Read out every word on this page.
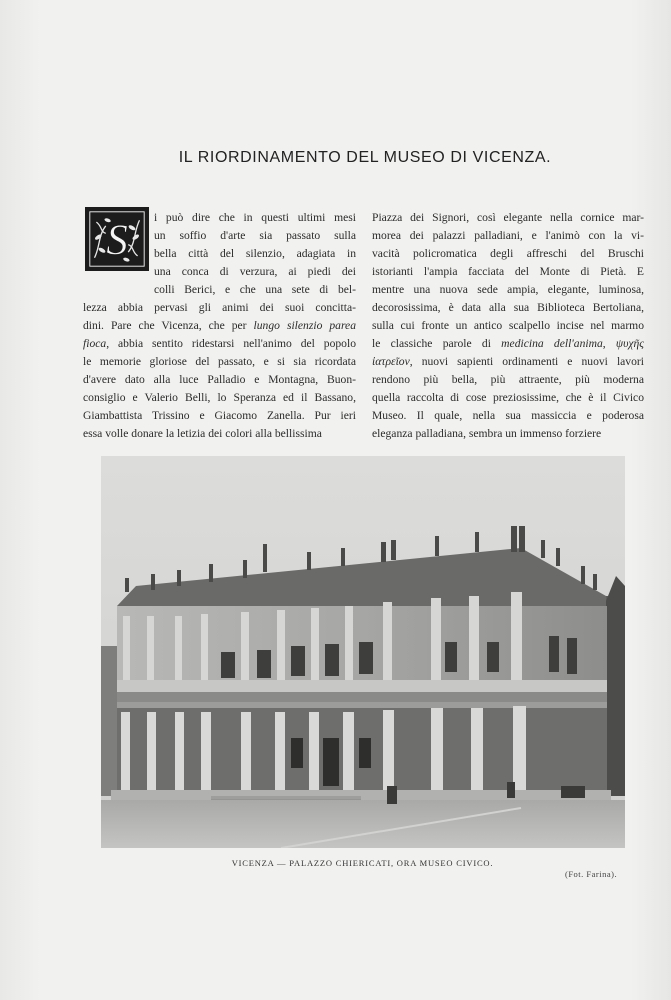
IL RIORDINAMENTO DEL MUSEO DI VICENZA.
S	i può dire che in questi ultimi mesi
un soffio d'arte sia passato sulla
bella città del silenzio, adagiata in
una conca di verzura, ai piedi dei
colli Berici, e che una sete di bel-
lezza abbia pervasi gli animi dei suoi concitta-
dini. Pare che Vicenza, che per lungo silenzio parea
fioca, abbia sentito ridestarsi nell'animo del popolo
le memorie gloriose del passato, e si sia ricordata
d'avere dato alla luce Palladio e Montagna, Buon-
consiglio e Valerio Belli, lo Speranza ed il Bassano,
Giambattista Trissino e Giacomo Zanella. Pur ieri
essa volle donare la letizia dei colori alla bellissima
Piazza dei Signori, così elegante nella cornice mar-
morea dei palazzi palladiani, e l'animò con la vi-
vacità policromatica degli affreschi del Bruschi
istorianti l'ampia facciata del Monte di Pietà. E
mentre una nuova sede ampia, elegante, luminosa,
decorosissima, è data alla sua Biblioteca Bertoliana,
sulla cui fronte un antico scalpello incise nel marmo
le classiche parole di medicina dell'anima, ψυχῆς
ἰατρεῖον, nuovi sapienti ordinamenti e nuovi lavori
rendono più bella, più attraente, più moderna
quella raccolta di cose preziosissime, che è il Civico
Museo. Il quale, nella sua massiccia e poderosa
eleganza palladiana, sembra un immenso forziere
VICENZA — PALAZZO CHIERICATI, ORA MUSEO CIVICO.
(Fot. Farina).
